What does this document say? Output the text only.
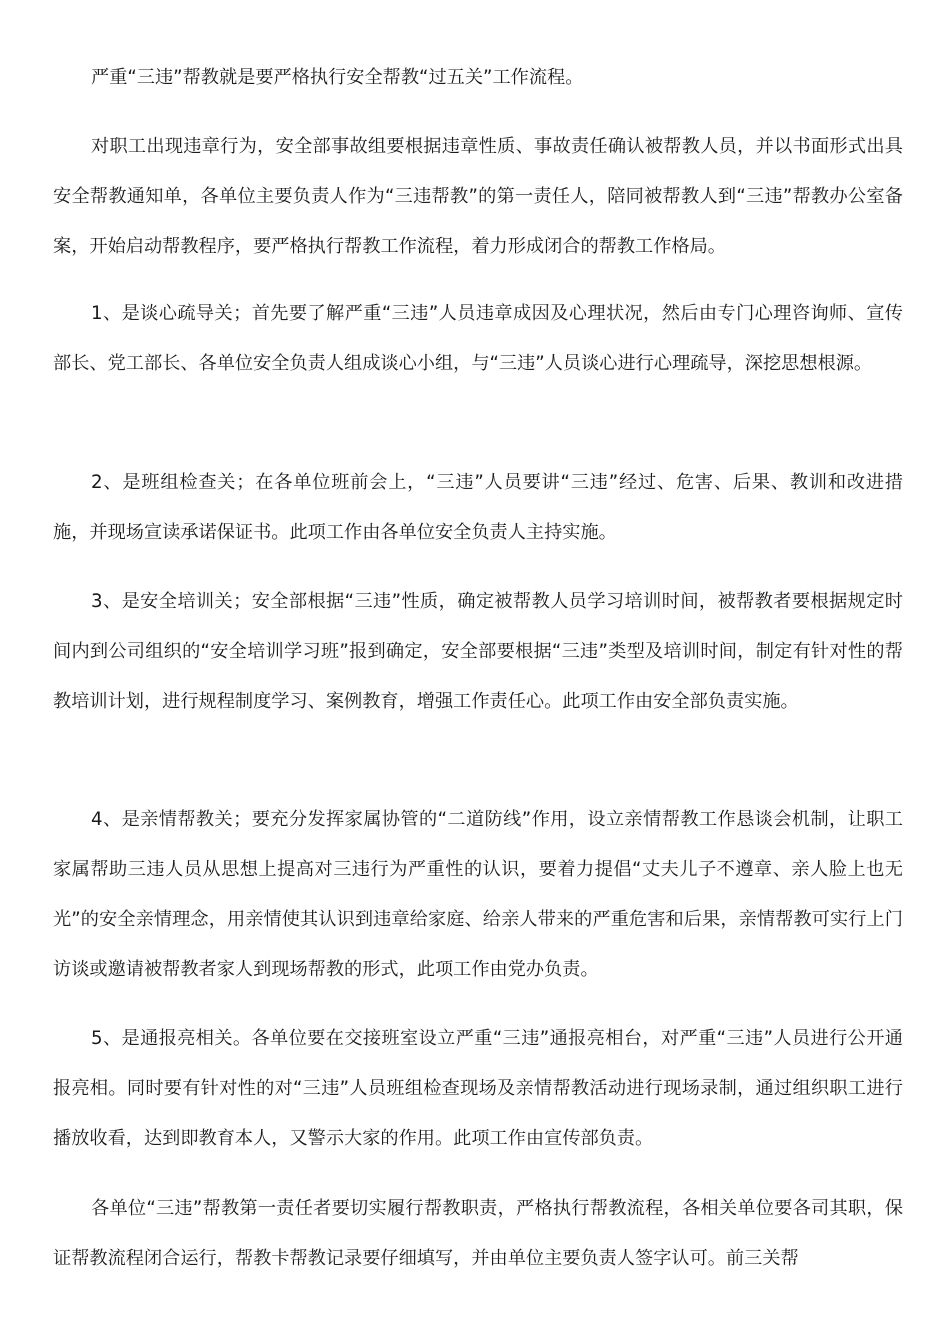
严重“三违”帮教就是要严格执行安全帮教“过五关”工作流程。

对职工出现违章行为，安全部事故组要根据违章性质、事故责任确认被帮教人员，并以书面形式出具安全帮教通知单，各单位主要负责人作为“三违帮教”的第一责任人，陪同被帮教人到“三违”帮教办公室备案，开始启动帮教程序，要严格执行帮教工作流程，着力形成闭合的帮教工作格局。

1、是谈心疏导关；首先要了解严重“三违”人员违章成因及心理状况，然后由专门心理咨询师、宣传部长、党工部长、各单位安全负责人组成谈心小组，与“三违”人员谈心进行心理疏导，深挖思想根源。

2、是班组检查关；在各单位班前会上，“三违”人员要讲“三违”经过、危害、后果、教训和改进措施，并现场宣读承诺保证书。此项工作由各单位安全负责人主持实施。

3、是安全培训关；安全部根据“三违”性质，确定被帮教人员学习培训时间，被帮教者要根据规定时间内到公司组织的“安全培训学习班”报到确定，安全部要根据“三违”类型及培训时间，制定有针对性的帮教培训计划，进行规程制度学习、案例教育，增强工作责任心。此项工作由安全部负责实施。

4、是亲情帮教关；要充分发挥家属协管的“二道防线”作用，设立亲情帮教工作恳谈会机制，让职工家属帮助三违人员从思想上提高对三违行为严重性的认识，要着力提倡“丈夫儿子不遵章、亲人脸上也无光”的安全亲情理念，用亲情使其认识到违章给家庭、给亲人带来的严重危害和后果，亲情帮教可实行上门访谈或邀请被帮教者家人到现场帮教的形式，此项工作由党办负责。

5、是通报亮相关。各单位要在交接班室设立严重“三违”通报亮相台，对严重“三违”人员进行公开通报亮相。同时要有针对性的对“三违”人员班组检查现场及亲情帮教活动进行现场录制，通过组织职工进行播放收看，达到即教育本人，又警示大家的作用。此项工作由宣传部负责。

各单位“三违”帮教第一责任者要切实履行帮教职责，严格执行帮教流程，各相关单位要各司其职，保证帮教流程闭合运行，帮教卡帮教记录要仔细填写，并由单位主要负责人签字认可。前三关帮
